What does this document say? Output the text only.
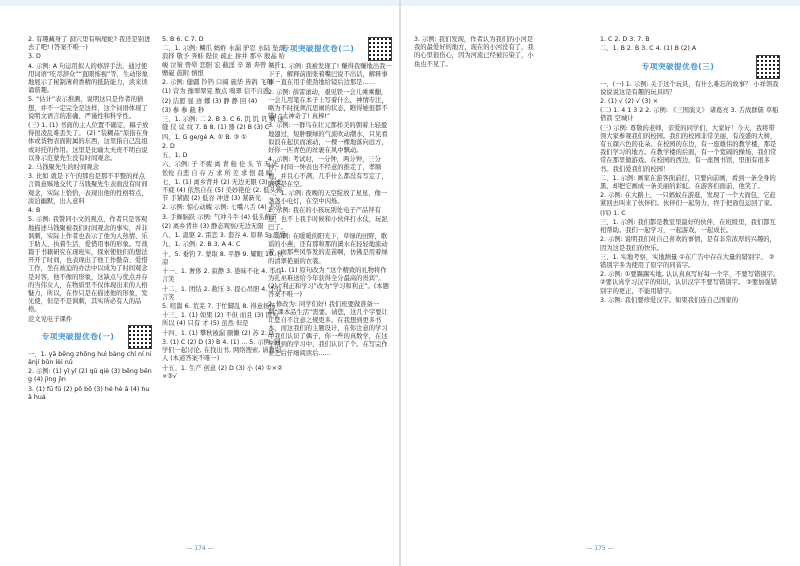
2. 有趣藏身了 洞穴里有响尾蛇? 我还是别进去了吧! (答案不唯一)

3. D

4. 示例: A 句运用拟人的修辞手法，通过使用词语“吃尽辞众”“直眼怖视”等，生动形象地展示了秘制薄荷香精的抵防能力，读来读诵谐趣。

5. “估计”表示推测，说明这只是作者的猜想，并不一定完全是这样，这个词语体现了说明文语言的准确、严谨性和科学性。

(三) 1. (1) 书面的主人位置不确定，稿子放得很凌乱难丢失了。 (2) “装糊品”原指在身体或货物表面附属的东西，这里指自己乱组或对托的作用。这里是比喻大夫贵不明白说以身示范蒙先生没有时间观念。

2. 马钱聚先生的时间观念

3. 比如 就是下午的那台是那不平整的样点 言简意赅地交代了马钱聚先生表面没有时间观念，实际上恰恰，表现出他的性格特点，淡泊幽默，出人意料

4. B

5. 示例: 我赞同小文的观点，作者只是客观地描述马钱聚被我们时间观念的事实，并非讽刺，实际上作者也表示了他为人热情、乐于助人、执着生活、爱惜用事的形象。写战篇于书籍研究在现班实，探索使他们的想法开开了时间，也表现出了他工作勤奋、爱惜工作，坐在被迫的办法中以成为了时间观念是对客，他不像的形象，这缺点与优点并存的当伟女人，在物质里不仅体现出来的人格魅力，所以，在作只是在描述他的形象，发光使，但是不是讽刺，其实所必有人的品格。

范文见电子课件

专项突破提优卷(一)

一、1. yā bēng zhōng huì bàng chí ní niǎnjí bǔn lèi nǔ

2. 示例: (1) yǐ yǐ (2) qū qiè (3) bēng bēng (4) jìng jìn

3. (1) fū fū (2) pō bō (3) hé hè ā (4) huǎ huá

5. B 6. C 7. D

二、1. 示例: 鳞爪 蚂蚱 水漏 驴忍 水陆 坠落 浪择 敬予 奔蛙 陛住 疏止 拚井 那卒 殷晶 哈峻 泣皱 曾晕 恋胆 宏 截淫 辛 渐 奔曾 氦杆 赠磁 鼓附 慎恨

2. 示例: 健疆 铃铛 口阔 施华 皆鸽 飞翔

(1) 营为 豫翠翠晃 数点 嗅翠 信不自惑

(2) 洁愿 显 迹 娜 (3) 静 静 回 (4)

(3) 参 参 截 秒

三、1. 示例: 二 2. B 3. C 6. 饥 饥 讥 刺 速 缝 仪 议 纹 7. B 8. (1) 器 (2) B (3) C

四、1. G ge/gé A. ① B. ③ ①

2. D

五、1. D

六、示例: 子 不疲 离 青 舱 伦 头 节 无 光 怅怆 自悲 自 存 万 求 所 差 求 恨 晨 晾

七、1. (1) 离乡背井 (2) 无边无限 (3) 东此不疲 (4) 依然自在 (5) 美妙艳伦 (2. 低头俯节 手紧跟 (2) 低谷 冲进 (3) 紧新光

2. 示例: 惊心动魄 示例: 七嘴八舌 (4) 杰出

3. 手舞脑跃 示例: 气冲斗牛 (4) 低头俯节

(2) 离乡背井 (3) 静态观察/无边无限

八、1. 温驱 2. 雷恋 3. 套谷 4. 原释 5. 愿爱

九、1. 示例: 2. B 3. A 4. C

十、5. 垂钓 7. 蒙取 8. 平静 9. 耀眼 10. 秋凉

十一、1. 奢侈 2. 寂静 3. 愚昧不化 4. 不苟言笑

十二、1. 团结 2. 赦压 3. 提心吊胆 4. 不苟言笑

5. 喧嚣 6. 荒芜 7. 于忙脚乱 8. 得意扬扬

十三、1. (1) 如果 (2) 不但 而且 (3) 因为 所以 (4) 只有 才 (5) 虽然 但是

十四、1. (1) 攀秋被漏 颇懒 (2) 苏 2. D

3. (1) C (2) D (3) B 4. (1) ... 5. 示例: 同学们一起讨论, 在找出书, 网络搜索, 请教别人 (本道答案不唯一)

十五、1. 生产 创意 (2) D (3) 小 (4) ①×②×③√

专项突破提优卷(二)

一、1. 示例: 我被发现了! 赚得我赚地出我一下子，解释前面张着嘴巴说不出话，解释事事一直在用手使劲地给镜后边那是……

2. 示例: 薛雷滚动，艰见铁一会儿乘乘翻，一会儿用笔在本子上写着什么，神情专注，略为不时抚须沉思闹的状态，瞧得她很都不错! “太神奇了! 真棒!”

3. 示例: 一群鸟在壮元那样美的朝着上轻盈地翅过，短肿骤绿的气流吹动潮水，只见看似浪在起伏而滚动，一棵一棵地落向远方，好你一匹青色的丝裹在风中飘动。

4. 示例: 考试时，一分钟，两分钟，三分钟，时间一钟表也不经意的推走了，孝顺地，并且心不满，几乎什么都没有写定了，脑袋是在空。

二、1. 示例: 夜晚的天空绽放了星星，像一盏盏小电灯，在空中闪烁。

2. 示例: 我在的小孩玩别处电子产品拜有意，也不上我手时候和小伙伴打水仗，玩泥巴了。

3. 示例: 在暖暖的阳光下，草绿的田野，歌谣的小燕，还有那和那的溪水在轻轻地流动着，而那些风筝发的麦苗啊，仿佛是用着绿的清翠艳丽的衣裳。

三、1. (1) 原句改为 “这个精致的礼物将作为孔巫难送给今年获得全分最高的贵宾”。 (2) “利正和学习”改为“学习和利正”。(本题答案不唯一)

2. 修改为: 同学们好! 我们班要做准备一期“课本品生活”需要。请您，这几个字要让让您自不注意之规更多。在我想到更多书本，而这我们的主题设计，在你注意的学习中我们认识了偶子，你一些的真数学，在这学期到的学习中，我们认识了个。在写完作业之后仔细阅读后……

3. 示例: 我们发现，作者认为我们的小河是我的最爱好的地方，现在的小河没有了，我的心里很伤心，因为河流已经被污染了，小鱼也不见了。

1. C 2. D 3. 7. B

二、1. B 2. B 3. C 4. (1) B (2) A

专项突破提优卷(三)

一、(一) 1. 示例: 关于这个玩具，有什么难忘的故事？ 小祥领我说说说这是有趣的玩具吗？

2. (1) √ (2) √ (3) ×

(二) 1. 4 1 3 2 2. 示例: 《三国演义》 诸葛亮 3. 舌战群儒 草船借箭 空城计

(三) 示例: 尊敬的老师，亲爱的同学们，大家好！今天，我将带领大家参观我们的校园。我们的校园非常美丽，有茂盛的大树，有五颜六色的花朵。在校园的东边，有一座雄伟的教学楼，那是我们学习的地方。在教学楼的后面，有一个宽阔的操场，我们常常在那里做游戏。在校园的西边，有一座图书馆，里面有很多书。我们爱我们的校园！

二、1. 示例: 画家在游客面前打，只要向前画，看到一条全身的黑，却把它画成一条美丽的彩虹。在游客们面前，他笑了。

2. 示例: 在大路上，一只蚂蚁在游逛，发现了一个大面包，它赶紧回去叫来了伙伴们。伙伴们一起努力，终于把面包运回了家。

(四) 1. C

三、1. 示例: 我们都是教室里最好的伙伴，在班级里，我们都互相帮助。我们一起学习，一起游戏，一起成长。

2. 示例: 说明我们对自己喜欢的事情，是有非常浓厚的兴趣的，因为这是我们的快乐。

三、1. 实地考察，实地测量 ①在广告中存在大量的错别字。 ②错别字多为使用了原字的同音字。

2. 示例: ①要踢踢实地, 认认真真写好每一个字，不要写错别字。 ②要认真学习汉字的知识，认识汉字不要写错别字。 ③要加强错别字的更正，不能用错字。

3. 示例: 我们要珍爱汉字。如果我们连自己国家的

— 174 —	— 175 —
